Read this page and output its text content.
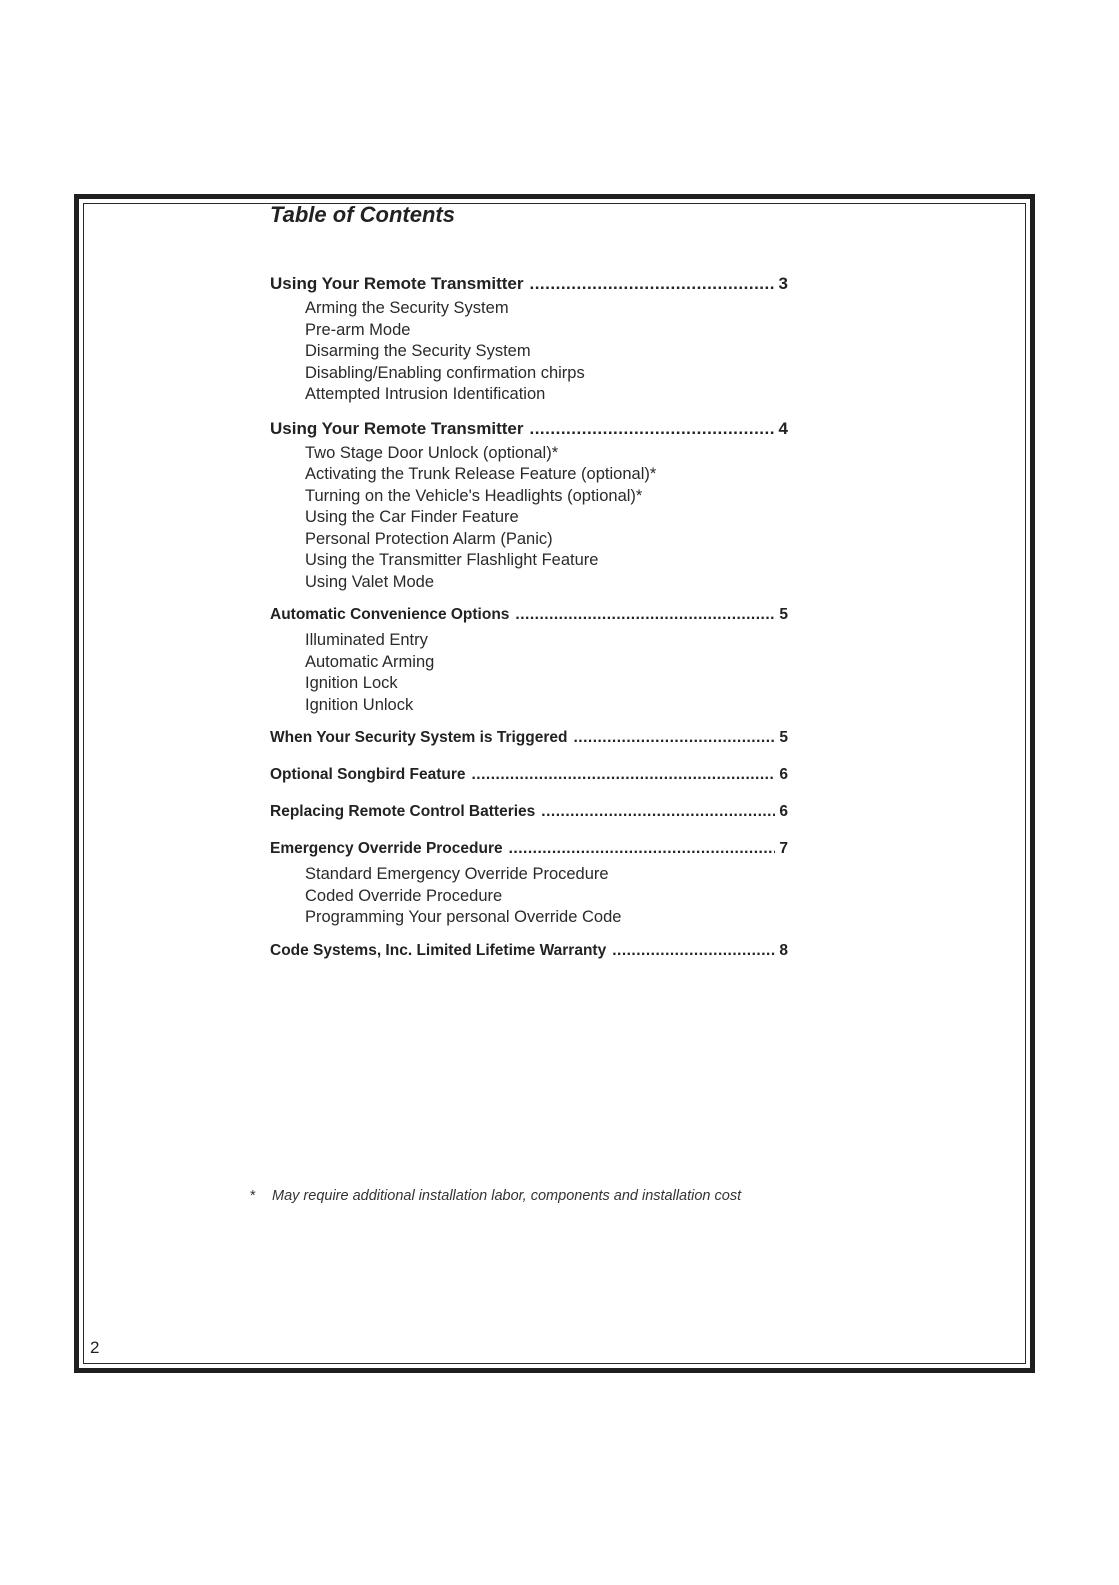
Table of Contents
Using Your Remote Transmitter .....	3
Arming the Security System
Pre-arm Mode
Disarming the Security System
Disabling/Enabling confirmation chirps
Attempted Intrusion Identification
Using Your Remote Transmitter .....	4
Two Stage Door Unlock (optional)*
Activating the Trunk Release Feature (optional)*
Turning on the Vehicle's Headlights (optional)*
Using the Car Finder Feature
Personal Protection Alarm (Panic)
Using the Transmitter Flashlight Feature
Using Valet Mode
Automatic Convenience Options .....	5
Illuminated Entry
Automatic Arming
Ignition Lock
Ignition Unlock
When Your Security System is Triggered .....	5
Optional Songbird Feature .....	6
Replacing Remote Control Batteries .....	6
Emergency Override Procedure .....	7
Standard Emergency Override Procedure
Coded Override Procedure
Programming Your personal Override Code
Code Systems, Inc. Limited Lifetime Warranty .....	8
* May require additional installation labor, components and installation cost
2
